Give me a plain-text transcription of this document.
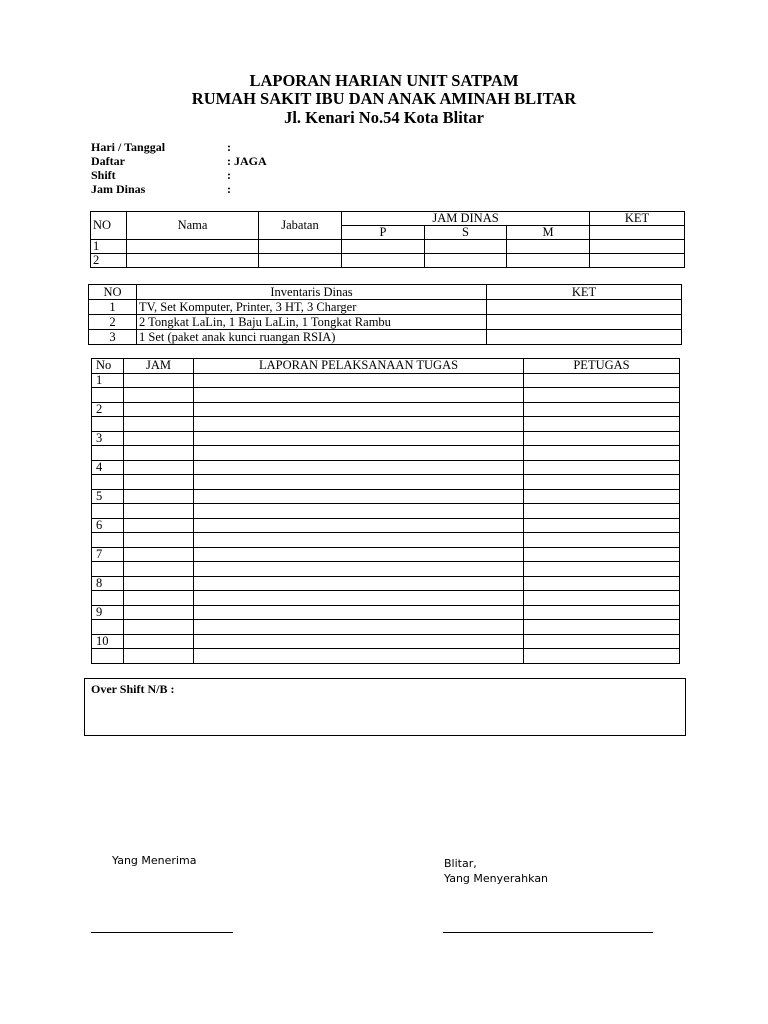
LAPORAN HARIAN UNIT SATPAM
RUMAH SAKIT IBU DAN ANAK AMINAH BLITAR
Jl. Kenari No.54 Kota Blitar
Hari / Tanggal	:
Daftar	: JAGA
Shift	:
Jam Dinas	:
NO	Nama	Jabatan	JAM DINAS			KET
			P	S	M	
1						
2						
NO	Inventaris Dinas	KET
1	TV, Set Komputer, Printer, 3 HT, 3 Charger	
2	2 Tongkat LaLin, 1 Baju LaLin, 1 Tongkat Rambu	
3	1 Set (paket anak kunci ruangan RSIA)	
No	JAM	LAPORAN PELAKSANAAN TUGAS	PETUGAS
1			

2			

3			

4			

5			

6			

7			

8			

9			

10			

Over Shift N/B :
Yang Menerima	Blitar,
Yang Menyerahkan
